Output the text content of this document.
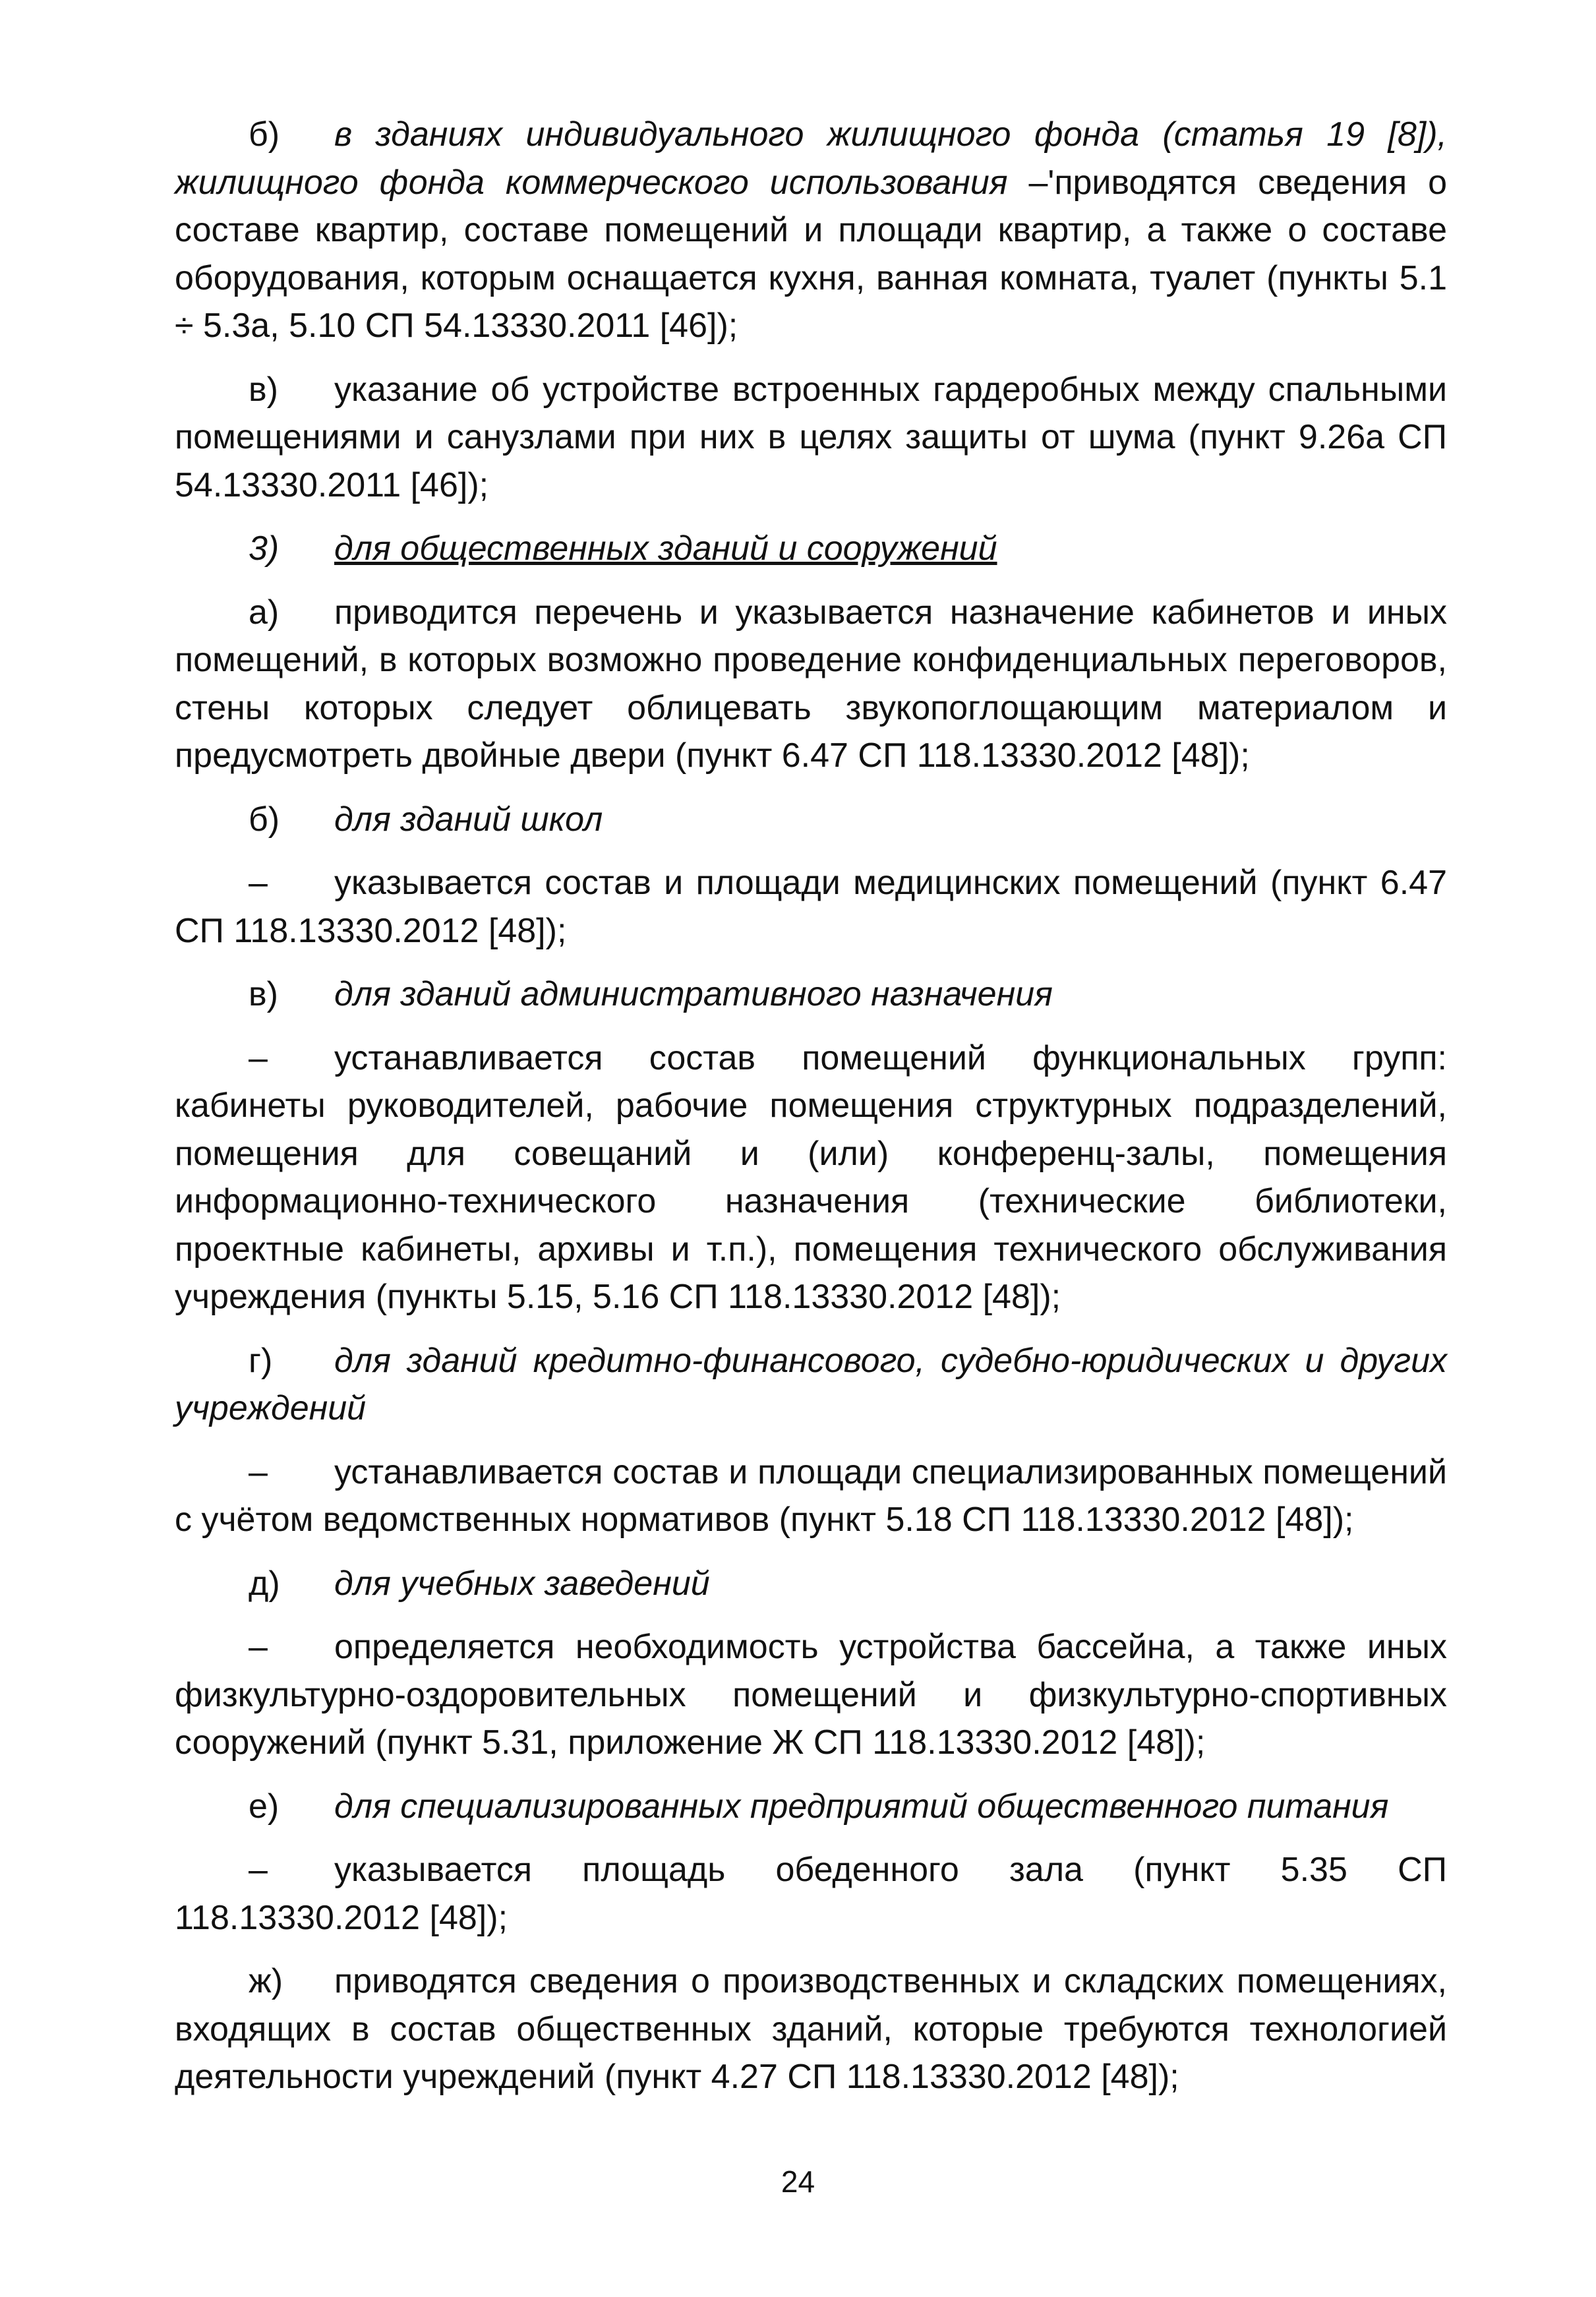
б) в зданиях индивидуального жилищного фонда (статья 19 [8]), жилищного фонда коммерческого использования –'приводятся сведения о составе квартир, составе помещений и площади квартир, а также о составе оборудования, которым оснащается кухня, ванная комната, туалет (пункты 5.1 ÷ 5.3а, 5.10 СП 54.13330.2011 [46]);

в) указание об устройстве встроенных гардеробных между спальными помещениями и санузлами при них в целях защиты от шума (пункт 9.26а СП 54.13330.2011 [46]);

3) для общественных зданий и сооружений

а) приводится перечень и указывается назначение кабинетов и иных помещений, в которых возможно проведение конфиденциальных переговоров, стены которых следует облицевать звукопоглощающим материалом и предусмотреть двойные двери (пункт 6.47 СП 118.13330.2012 [48]);

б) для зданий школ

– указывается состав и площади медицинских помещений (пункт 6.47 СП 118.13330.2012 [48]);

в) для зданий административного назначения

– устанавливается состав помещений функциональных групп: кабинеты руководителей, рабочие помещения структурных подразделений, помещения для совещаний и (или) конференц-залы, помещения информационно-технического назначения (технические библиотеки, проектные кабинеты, архивы и т.п.), помещения технического обслуживания учреждения (пункты 5.15, 5.16 СП 118.13330.2012 [48]);

г) для зданий кредитно-финансового, судебно-юридических и других учреждений

– устанавливается состав и площади специализированных помещений с учётом ведомственных нормативов (пункт 5.18 СП 118.13330.2012 [48]);

д) для учебных заведений

– определяется необходимость устройства бассейна, а также иных физкультурно-оздоровительных помещений и физкультурно-спортивных сооружений (пункт 5.31, приложение Ж СП 118.13330.2012 [48]);

е) для специализированных предприятий общественного питания

– указывается площадь обеденного зала (пункт 5.35 СП 118.13330.2012 [48]);

ж) приводятся сведения о производственных и складских помещениях, входящих в состав общественных зданий, которые требуются технологией деятельности учреждений (пункт 4.27 СП 118.13330.2012 [48]);

24
